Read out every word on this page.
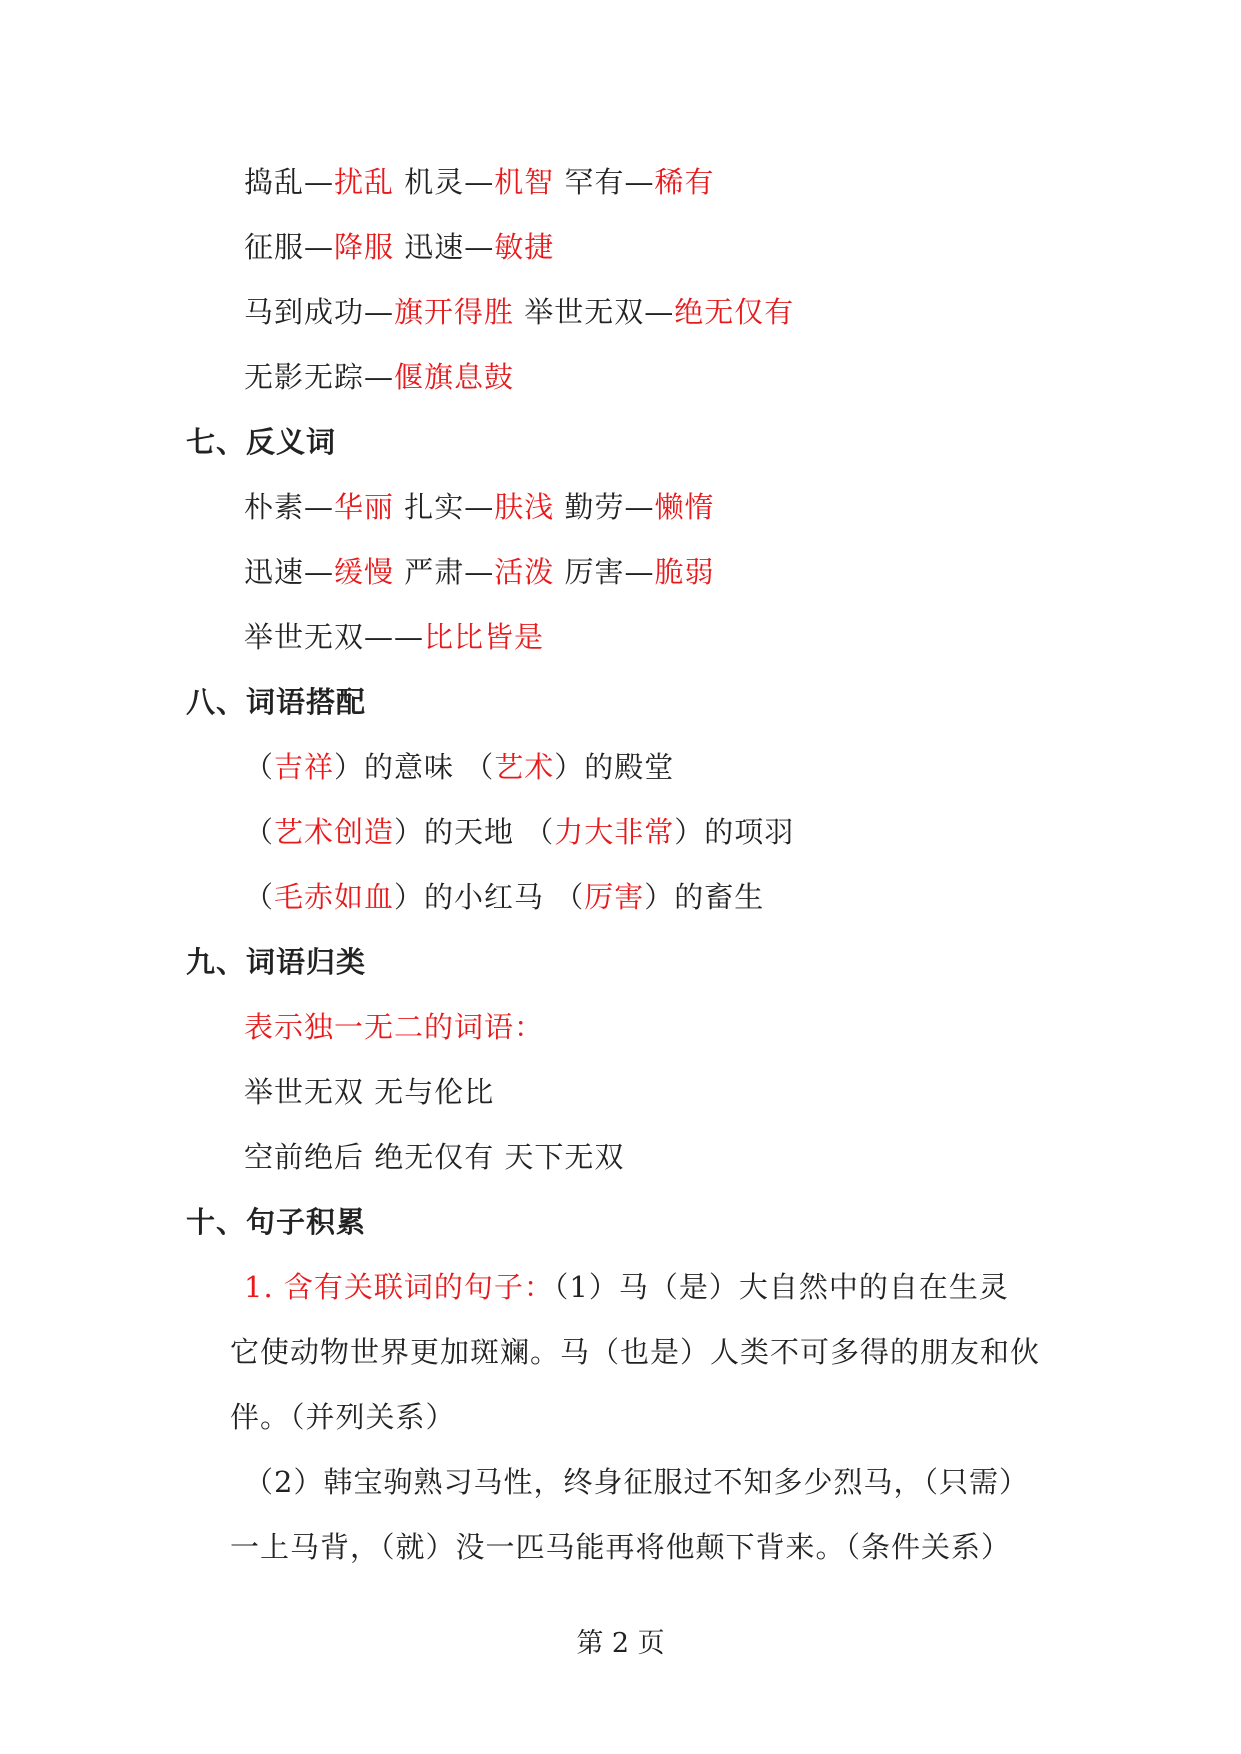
捣乱—扰乱 机灵—机智 罕有—稀有
征服—降服 迅速—敏捷
马到成功—旗开得胜 举世无双—绝无仅有
无影无踪—偃旗息鼓
七、反义词
朴素—华丽 扎实—肤浅 勤劳—懒惰
迅速—缓慢 严肃—活泼 厉害—脆弱
举世无双——比比皆是
八、词语搭配
（吉祥）的意味 （艺术）的殿堂
（艺术创造）的天地 （力大非常）的项羽
（毛赤如血）的小红马 （厉害）的畜生
九、词语归类
表示独一无二的词语：
举世无双 无与伦比
空前绝后 绝无仅有 天下无双
十、句子积累
1. 含有关联词的句子：（1）马（是）大自然中的自在生灵
它使动物世界更加斑斓。马（也是）人类不可多得的朋友和伙
伴。（并列关系）
（2）韩宝驹熟习马性，终身征服过不知多少烈马，（只需）
一上马背，（就）没一匹马能再将他颠下背来。（条件关系）
第 2 页
